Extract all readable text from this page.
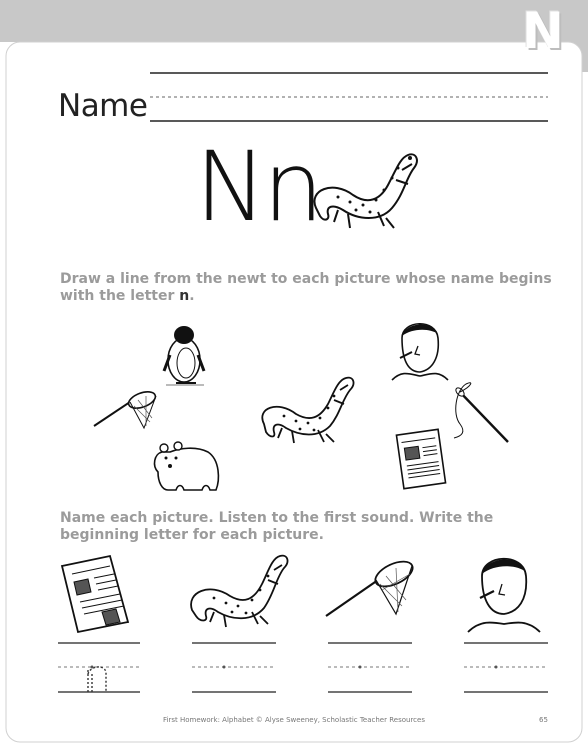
N
Name
Nn
Draw a line from the newt to each picture whose name begins with the letter n.
Name each picture. Listen to the first sound. Write the beginning letter for each picture.
First Homework: Alphabet © Alyse Sweeney, Scholastic Teacher Resources	65
